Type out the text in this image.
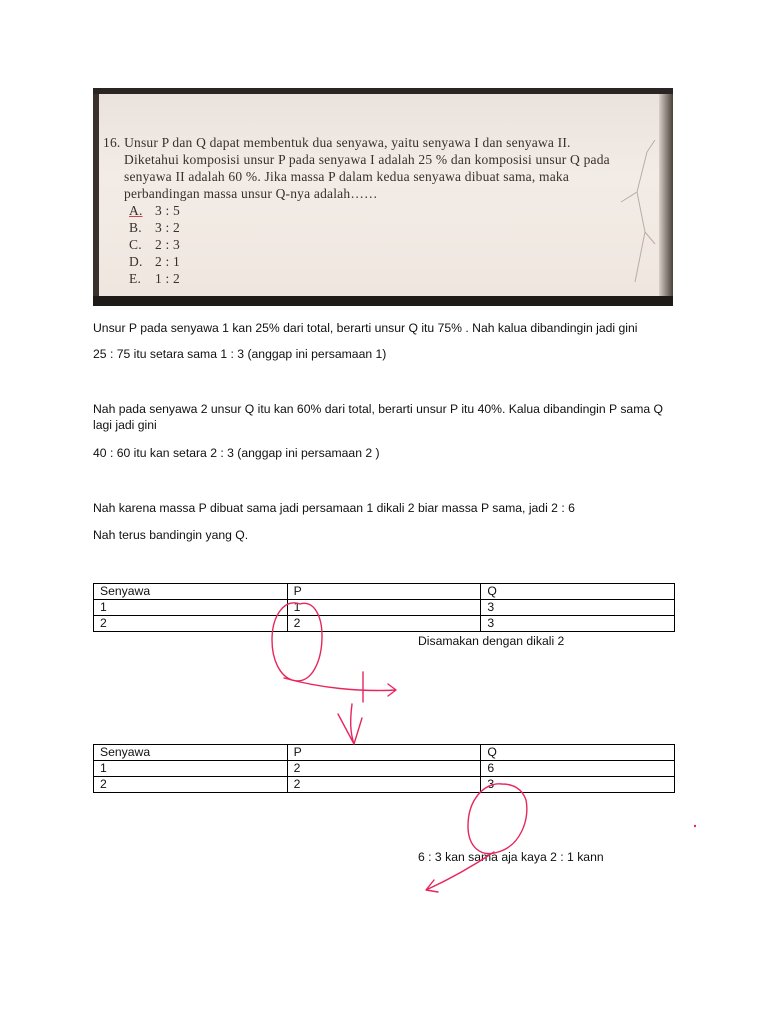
16. Unsur P dan Q dapat membentuk dua senyawa, yaitu senyawa I dan senyawa II.
Diketahui komposisi unsur P pada senyawa I adalah 25 % dan komposisi unsur Q pada
senyawa II adalah 60 %. Jika massa P dalam kedua senyawa dibuat sama, maka
perbandingan massa unsur Q-nya adalah……
A. 3 : 5
B. 3 : 2
C. 2 : 3
D. 2 : 1
E. 1 : 2
Unsur P pada senyawa 1 kan 25% dari total, berarti unsur Q itu 75% . Nah kalua dibandingin jadi gini
25 : 75 itu setara sama 1 : 3 (anggap ini persamaan 1)
Nah pada senyawa 2 unsur Q itu kan 60% dari total, berarti unsur P itu 40%. Kalua dibandingin P sama Q lagi jadi gini
40 : 60 itu kan setara 2 : 3 (anggap ini persamaan 2 )
Nah karena massa P dibuat sama jadi persamaan 1 dikali 2 biar massa P sama, jadi 2 : 6
Nah terus bandingin yang Q.
Senyawa	P	Q
1	1	3
2	2	3
Disamakan dengan dikali 2
Senyawa	P	Q
1	2	6
2	2	3
6 : 3 kan sama aja kaya 2 : 1 kann
